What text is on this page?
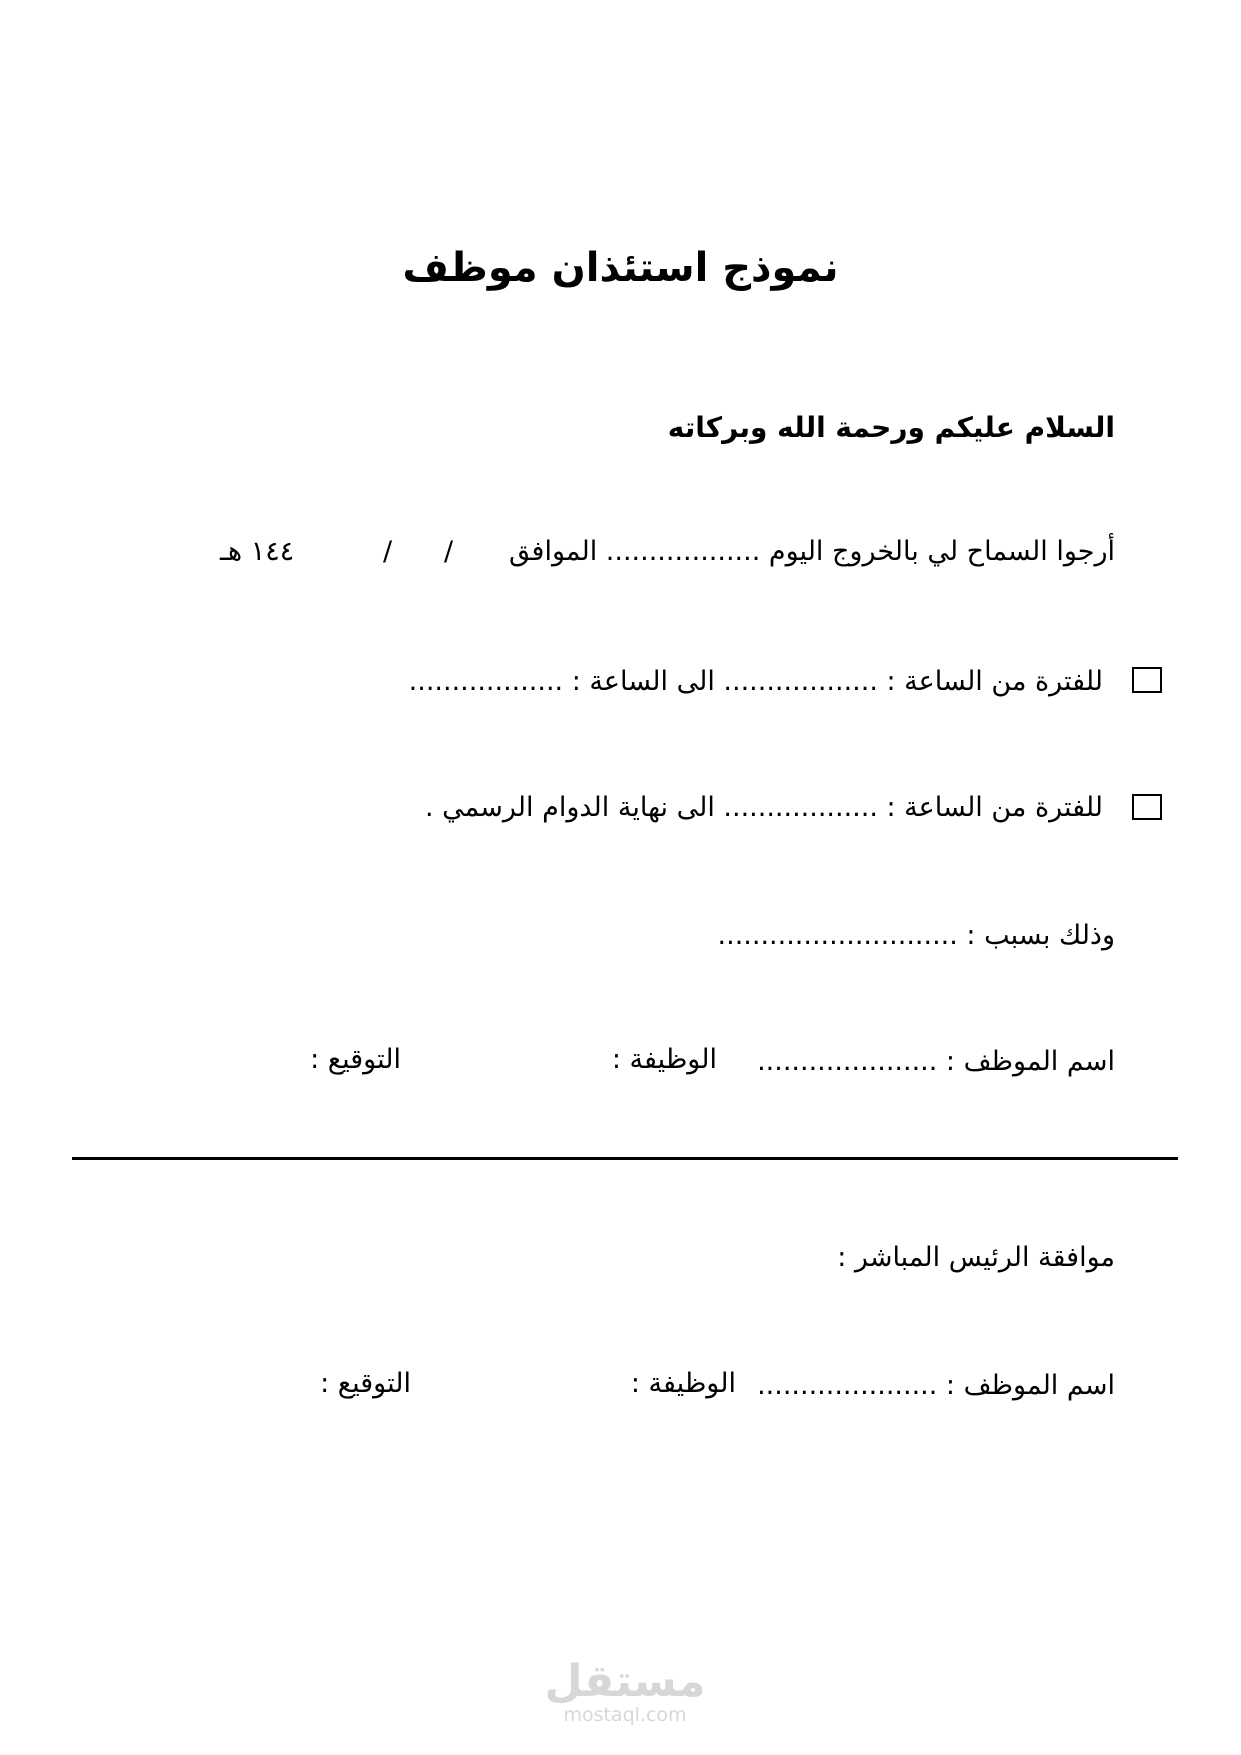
نموذج استئذان موظف
السلام عليكم ورحمة الله وبركاته
أرجوا السماح لي بالخروج اليوم .................. الموافق
/
/
١٤٤ هـ
للفترة من الساعة : .................. الى الساعة : ..................
للفترة من الساعة : .................. الى نهاية الدوام الرسمي .
وذلك بسبب : ............................
اسم الموظف : .....................
الوظيفة :
التوقيع :
موافقة الرئيس المباشر :
اسم الموظف : .....................
الوظيفة :
التوقيع :
مستقل
mostaql.com
